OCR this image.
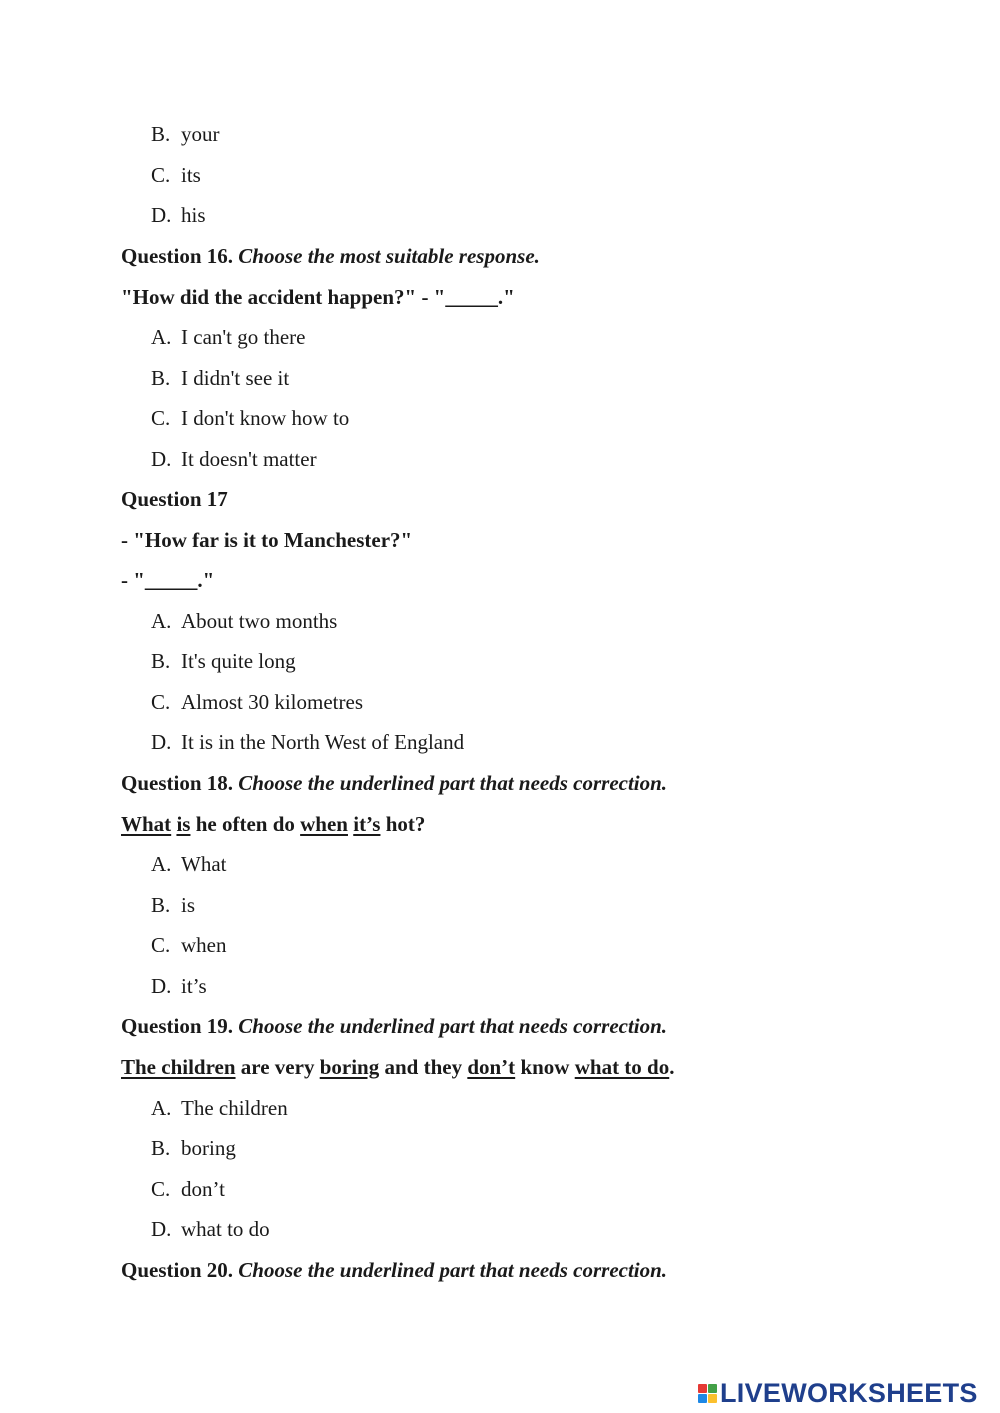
B. your

C. its

D. his

Question 16. Choose the most suitable response.

"How did the accident happen?" - "_____."

A. I can't go there

B. I didn't see it

C. I don't know how to

D. It doesn't matter

Question 17

- "How far is it to Manchester?"

- "_____."

A. About two months

B. It's quite long

C. Almost 30 kilometres

D. It is in the North West of England

Question 18. Choose the underlined part that needs correction.

What is he often do when it’s hot?

A. What

B. is

C. when

D. it’s

Question 19. Choose the underlined part that needs correction.

The children are very boring and they don’t know what to do.

A. The children

B. boring

C. don’t

D. what to do

Question 20. Choose the underlined part that needs correction.

LIVEWORKSHEETS
